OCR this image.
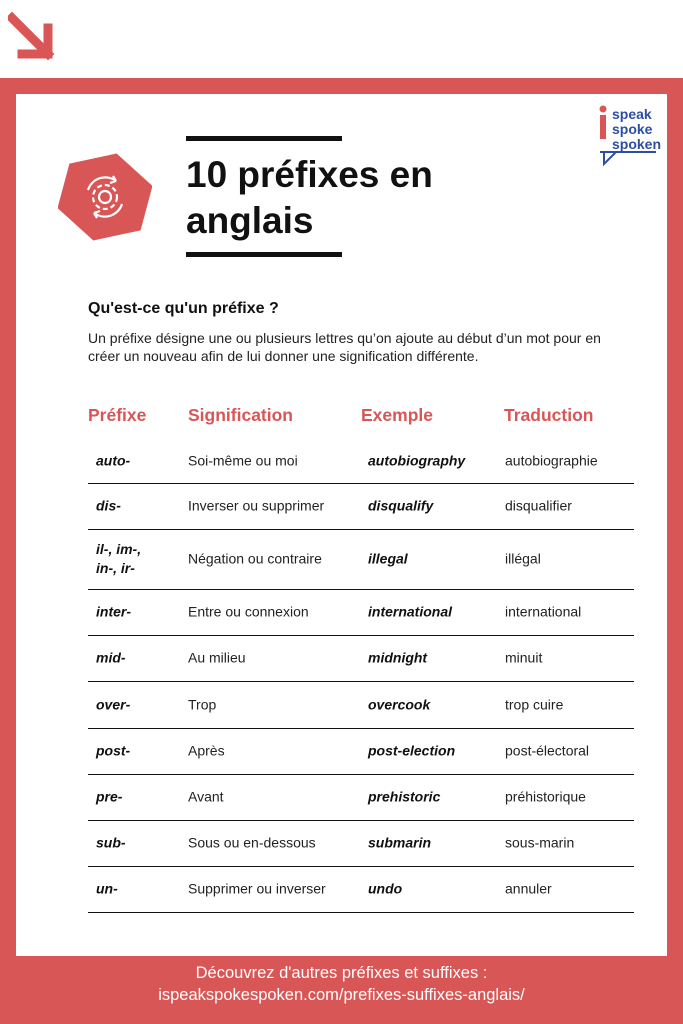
speak
spoke
spoken
10 préfixes en
anglais
Qu'est-ce qu'un préfixe ?
Un préfixe désigne une ou plusieurs lettres qu’on ajoute au début d’un mot pour en créer un nouveau afin de lui donner une signification différente.
Préfixe Signification	Exemple	Traduction
auto-	Soi-même ou moi	autobiography	autobiographie
dis-	Inverser ou supprimer	disqualify	disqualifier
il-, im-,
in-, ir-
Négation ou contraire	illegal	illégal
inter-	Entre ou connexion	international	international
mid-	Au milieu	midnight	minuit
over-	Trop	overcook	trop cuire
post-	Après	post-election	post-électoral
pre-	Avant	prehistoric	préhistorique
sub-	Sous ou en-dessous	submarin	sous-marin
un-	Supprimer ou inverser	undo	annuler
Découvrez d'autres préfixes et suffixes :
ispeakspokespoken.com/prefixes-suffixes-anglais/
